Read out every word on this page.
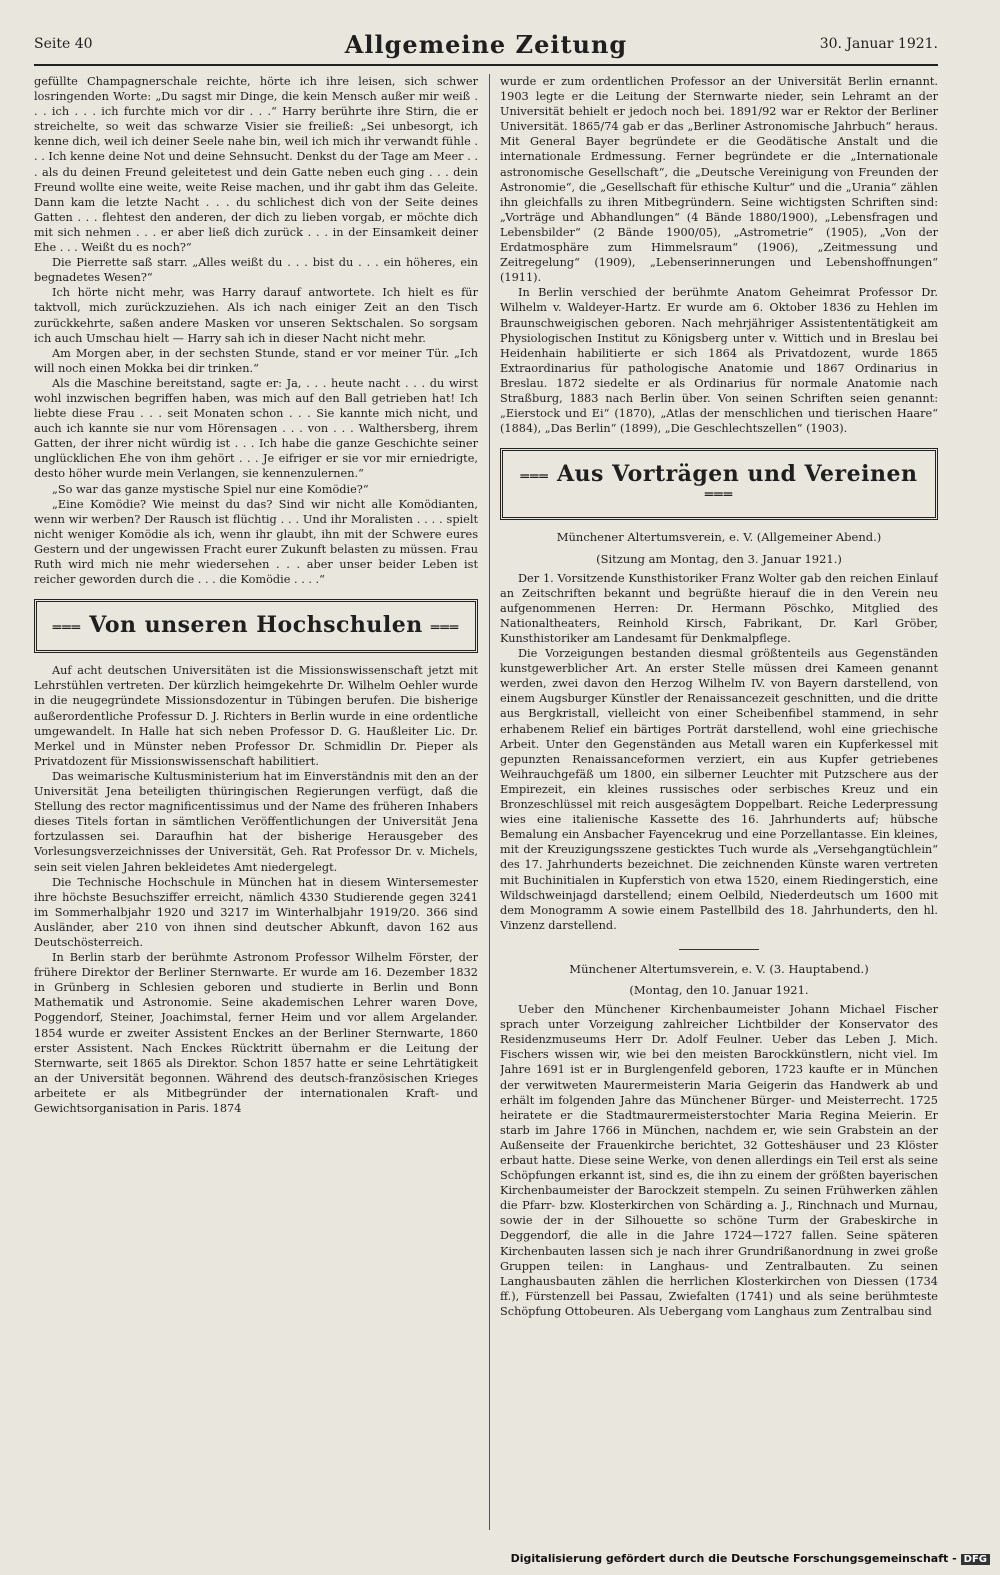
Seite 40	Allgemeine Zeitung	30. Januar 1921.

gefüllte Champagnerschale reichte, hörte ich ihre leisen, sich schwer losringenden Worte: „Du sagst mir Dinge, die kein Mensch außer mir weiß . . . ich . . . ich furchte mich vor dir . . .“ Harry berührte ihre Stirn, die er streichelte, so weit das schwarze Visier sie freiließ: „Sei unbesorgt, ich kenne dich, weil ich deiner Seele nahe bin, weil ich mich ihr verwandt fühle . . . Ich kenne deine Not und deine Sehnsucht. Denkst du der Tage am Meer . . . als du deinen Freund geleitetest und dein Gatte neben euch ging . . . dein Freund wollte eine weite, weite Reise machen, und ihr gabt ihm das Geleite. Dann kam die letzte Nacht . . . du schlichest dich von der Seite deines Gatten . . . flehtest den anderen, der dich zu lieben vorgab, er möchte dich mit sich nehmen . . . er aber ließ dich zurück . . . in der Einsamkeit deiner Ehe . . . Weißt du es noch?“

Die Pierrette saß starr. „Alles weißt du . . . bist du . . . ein höheres, ein begnadetes Wesen?“

Ich hörte nicht mehr, was Harry darauf antwortete. Ich hielt es für taktvoll, mich zurückzuziehen. Als ich nach einiger Zeit an den Tisch zurückkehrte, saßen andere Masken vor unseren Sektschalen. So sorgsam ich auch Umschau hielt — Harry sah ich in dieser Nacht nicht mehr.

Am Morgen aber, in der sechsten Stunde, stand er vor meiner Tür. „Ich will noch einen Mokka bei dir trinken.“

Als die Maschine bereitstand, sagte er: Ja, . . . heute nacht . . . du wirst wohl inzwischen begriffen haben, was mich auf den Ball getrieben hat! Ich liebte diese Frau . . . seit Monaten schon . . . Sie kannte mich nicht, und auch ich kannte sie nur vom Hörensagen . . . von . . . Walthersberg, ihrem Gatten, der ihrer nicht würdig ist . . . Ich habe die ganze Geschichte seiner unglücklichen Ehe von ihm gehört . . . Je eifriger er sie vor mir erniedrigte, desto höher wurde mein Verlangen, sie kennenzulernen.“

„So war das ganze mystische Spiel nur eine Komödie?“

„Eine Komödie? Wie meinst du das? Sind wir nicht alle Komödianten, wenn wir werben? Der Rausch ist flüchtig . . . Und ihr Moralisten . . . . spielt nicht weniger Komödie als ich, wenn ihr glaubt, ihn mit der Schwere eures Gestern und der ungewissen Fracht eurer Zukunft belasten zu müssen. Frau Ruth wird mich nie mehr wiedersehen . . . aber unser beider Leben ist reicher geworden durch die . . . die Komödie . . . .“

═══ Von unseren Hochschulen ═══

Auf acht deutschen Universitäten ist die Missionswissenschaft jetzt mit Lehrstühlen vertreten. Der kürzlich heimgekehrte Dr. Wilhelm Oehler wurde in die neugegründete Missionsdozentur in Tübingen berufen. Die bisherige außerordentliche Professur D. J. Richters in Berlin wurde in eine ordentliche umgewandelt. In Halle hat sich neben Professor D. G. Haußleiter Lic. Dr. Merkel und in Münster neben Professor Dr. Schmidlin Dr. Pieper als Privatdozent für Missionswissenschaft habilitiert.

Das weimarische Kultusministerium hat im Einverständnis mit den an der Universität Jena beteiligten thüringischen Regierungen verfügt, daß die Stellung des rector magnificentissimus und der Name des früheren Inhabers dieses Titels fortan in sämtlichen Veröffentlichungen der Universität Jena fortzulassen sei. Daraufhin hat der bisherige Herausgeber des Vorlesungsverzeichnisses der Universität, Geh. Rat Professor Dr. v. Michels, sein seit vielen Jahren bekleidetes Amt niedergelegt.

Die Technische Hochschule in München hat in diesem Wintersemester ihre höchste Besuchsziffer erreicht, nämlich 4330 Studierende gegen 3241 im Sommerhalbjahr 1920 und 3217 im Winterhalbjahr 1919/20. 366 sind Ausländer, aber 210 von ihnen sind deutscher Abkunft, davon 162 aus Deutschösterreich.

In Berlin starb der berühmte Astronom Professor Wilhelm Förster, der frühere Direktor der Berliner Sternwarte. Er wurde am 16. Dezember 1832 in Grünberg in Schlesien geboren und studierte in Berlin und Bonn Mathematik und Astronomie. Seine akademischen Lehrer waren Dove, Poggendorf, Steiner, Joachimstal, ferner Heim und vor allem Argelander. 1854 wurde er zweiter Assistent Enckes an der Berliner Sternwarte, 1860 erster Assistent. Nach Enckes Rücktritt übernahm er die Leitung der Sternwarte, seit 1865 als Direktor. Schon 1857 hatte er seine Lehrtätigkeit an der Universität begonnen. Während des deutsch-französischen Krieges arbeitete er als Mitbegründer der internationalen Kraft- und Gewichtsorganisation in Paris. 1874

wurde er zum ordentlichen Professor an der Universität Berlin ernannt. 1903 legte er die Leitung der Sternwarte nieder, sein Lehramt an der Universität behielt er jedoch noch bei. 1891/92 war er Rektor der Berliner Universität. 1865/74 gab er das „Berliner Astronomische Jahrbuch“ heraus. Mit General Bayer begründete er die Geodätische Anstalt und die internationale Erdmessung. Ferner begründete er die „Internationale astronomische Gesellschaft“, die „Deutsche Vereinigung von Freunden der Astronomie“, die „Gesellschaft für ethische Kultur“ und die „Urania“ zählen ihn gleichfalls zu ihren Mitbegründern. Seine wichtigsten Schriften sind: „Vorträge und Abhandlungen“ (4 Bände 1880/1900), „Lebensfragen und Lebensbilder“ (2 Bände 1900/05), „Astrometrie“ (1905), „Von der Erdatmosphäre zum Himmelsraum“ (1906), „Zeitmessung und Zeitregelung“ (1909), „Lebenserinnerungen und Lebenshoffnungen“ (1911).

In Berlin verschied der berühmte Anatom Geheimrat Professor Dr. Wilhelm v. Waldeyer-Hartz. Er wurde am 6. Oktober 1836 zu Hehlen im Braunschweigischen geboren. Nach mehrjähriger Assistententätigkeit am Physiologischen Institut zu Königsberg unter v. Wittich und in Breslau bei Heidenhain habilitierte er sich 1864 als Privatdozent, wurde 1865 Extraordinarius für pathologische Anatomie und 1867 Ordinarius in Breslau. 1872 siedelte er als Ordinarius für normale Anatomie nach Straßburg, 1883 nach Berlin über. Von seinen Schriften seien genannt: „Eierstock und Ei“ (1870), „Atlas der menschlichen und tierischen Haare“ (1884), „Das Berlin“ (1899), „Die Geschlechtszellen“ (1903).

═══ Aus Vorträgen und Vereinen ═══
Münchener Altertumsverein, e. V. (Allgemeiner Abend.)
(Sitzung am Montag, den 3. Januar 1921.)

Der 1. Vorsitzende Kunsthistoriker Franz Wolter gab den reichen Einlauf an Zeitschriften bekannt und begrüßte hierauf die in den Verein neu aufgenommenen Herren: Dr. Hermann Pöschko, Mitglied des Nationaltheaters, Reinhold Kirsch, Fabrikant, Dr. Karl Gröber, Kunsthistoriker am Landesamt für Denkmalpflege.

Die Vorzeigungen bestanden diesmal größtenteils aus Gegenständen kunstgewerblicher Art. An erster Stelle müssen drei Kameen genannt werden, zwei davon den Herzog Wilhelm IV. von Bayern darstellend, von einem Augsburger Künstler der Renaissancezeit geschnitten, und die dritte aus Bergkristall, vielleicht von einer Scheibenfibel stammend, in sehr erhabenem Relief ein bärtiges Porträt darstellend, wohl eine griechische Arbeit. Unter den Gegenständen aus Metall waren ein Kupferkessel mit gepunzten Renaissanceformen verziert, ein aus Kupfer getriebenes Weihrauchgefäß um 1800, ein silberner Leuchter mit Putzschere aus der Empirezeit, ein kleines russisches oder serbisches Kreuz und ein Bronzeschlüssel mit reich ausgesägtem Doppelbart. Reiche Lederpressung wies eine italienische Kassette des 16. Jahrhunderts auf; hübsche Bemalung ein Ansbacher Fayencekrug und eine Porzellantasse. Ein kleines, mit der Kreuzigungsszene gesticktes Tuch wurde als „Versehgangtüchlein“ des 17. Jahrhunderts bezeichnet. Die zeichnenden Künste waren vertreten mit Buchinitialen in Kupferstich von etwa 1520, einem Riedingerstich, eine Wildschweinjagd darstellend; einem Oelbild, Niederdeutsch um 1600 mit dem Monogramm A sowie einem Pastellbild des 18. Jahrhunderts, den hl. Vinzenz darstellend.

Münchener Altertumsverein, e. V. (3. Hauptabend.)
(Montag, den 10. Januar 1921.

Ueber den Münchener Kirchenbaumeister Johann Michael Fischer sprach unter Vorzeigung zahlreicher Lichtbilder der Konservator des Residenzmuseums Herr Dr. Adolf Feulner. Ueber das Leben J. Mich. Fischers wissen wir, wie bei den meisten Barockkünstlern, nicht viel. Im Jahre 1691 ist er in Burglengenfeld geboren, 1723 kaufte er in München der verwitweten Maurermeisterin Maria Geigerin das Handwerk ab und erhält im folgenden Jahre das Münchener Bürger- und Meisterrecht. 1725 heiratete er die Stadtmaurermeisterstochter Maria Regina Meierin. Er starb im Jahre 1766 in München, nachdem er, wie sein Grabstein an der Außenseite der Frauenkirche berichtet, 32 Gotteshäuser und 23 Klöster erbaut hatte. Diese seine Werke, von denen allerdings ein Teil erst als seine Schöpfungen erkannt ist, sind es, die ihn zu einem der größten bayerischen Kirchenbaumeister der Barockzeit stempeln. Zu seinen Frühwerken zählen die Pfarr- bzw. Klosterkirchen von Schärding a. J., Rinchnach und Murnau, sowie der in der Silhouette so schöne Turm der Grabeskirche in Deggendorf, die alle in die Jahre 1724—1727 fallen. Seine späteren Kirchenbauten lassen sich je nach ihrer Grundrißanordnung in zwei große Gruppen teilen: in Langhaus- und Zentralbauten. Zu seinen Langhausbauten zählen die herrlichen Klosterkirchen von Diessen (1734 ff.), Fürstenzell bei Passau, Zwiefalten (1741) und als seine berühmteste Schöpfung Ottobeuren. Als Uebergang vom Langhaus zum Zentralbau sind

Digitalisierung gefördert durch die Deutsche Forschungsgemeinschaft - DFG
